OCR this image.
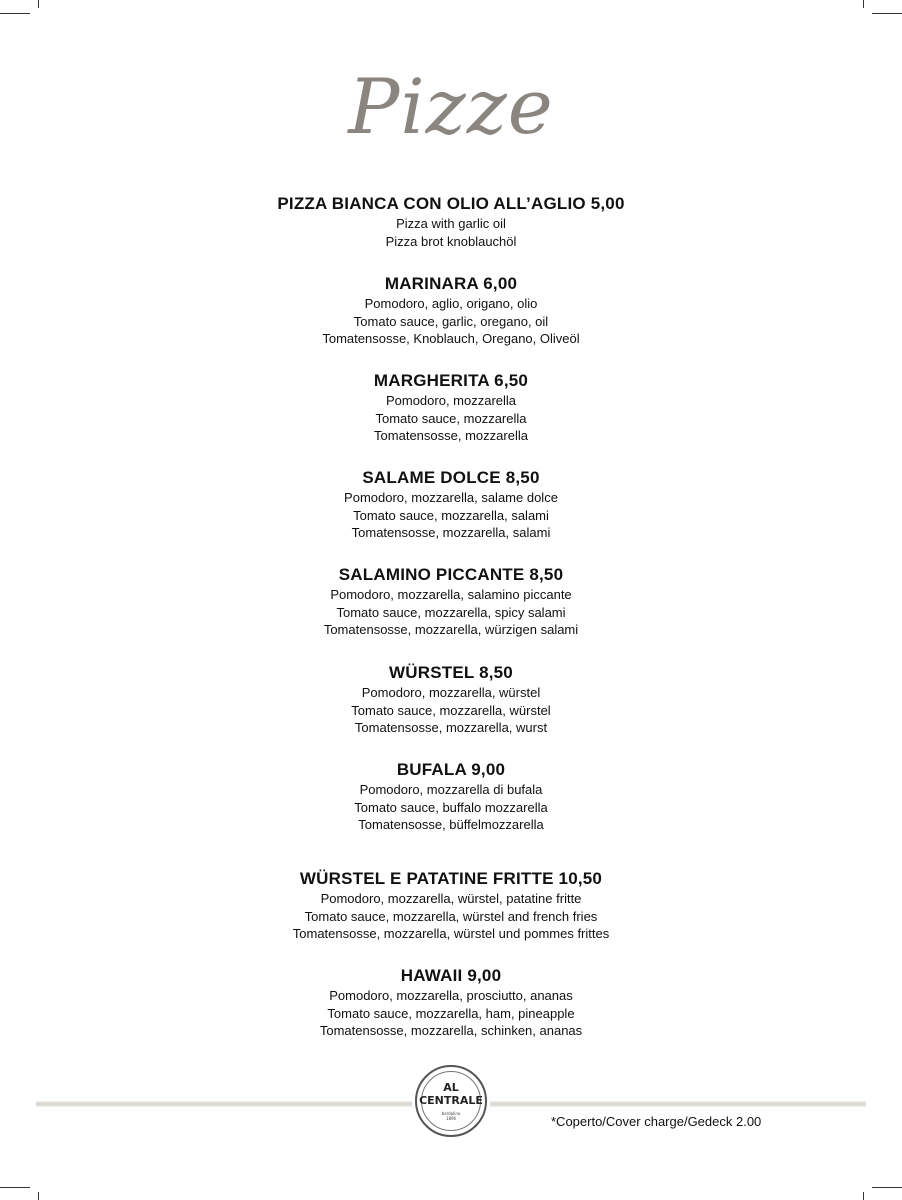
Pizze
PIZZA BIANCA CON OLIO ALL’AGLIO 5,00
Pizza with garlic oil
Pizza brot knoblauchöl
MARINARA 6,00
Pomodoro, aglio, origano, olio
Tomato sauce, garlic, oregano, oil
Tomatensosse, Knoblauch, Oregano, Oliveöl
MARGHERITA 6,50
Pomodoro, mozzarella
Tomato sauce, mozzarella
Tomatensosse, mozzarella
SALAME DOLCE 8,50
Pomodoro, mozzarella, salame dolce
Tomato sauce, mozzarella, salami
Tomatensosse, mozzarella, salami
SALAMINO PICCANTE 8,50
Pomodoro, mozzarella, salamino piccante
Tomato sauce, mozzarella, spicy salami
Tomatensosse, mozzarella, würzigen salami
WÜRSTEL 8,50
Pomodoro, mozzarella, würstel
Tomato sauce, mozzarella, würstel
Tomatensosse, mozzarella, wurst
BUFALA 9,00
Pomodoro, mozzarella di bufala
Tomato sauce, buffalo mozzarella
Tomatensosse, büffelmozzarella
WÜRSTEL E PATATINE FRITTE 10,50
Pomodoro, mozzarella, würstel, patatine fritte
Tomato sauce, mozzarella, würstel and french fries
Tomatensosse, mozzarella, würstel und pommes frittes
HAWAII 9,00
Pomodoro, mozzarella, prosciutto, ananas
Tomato sauce, mozzarella, ham, pineapple
Tomatensosse, mozzarella, schinken, ananas
AL
CENTRALE
bardolino
1896	*Coperto/Cover charge/Gedeck 2.00
